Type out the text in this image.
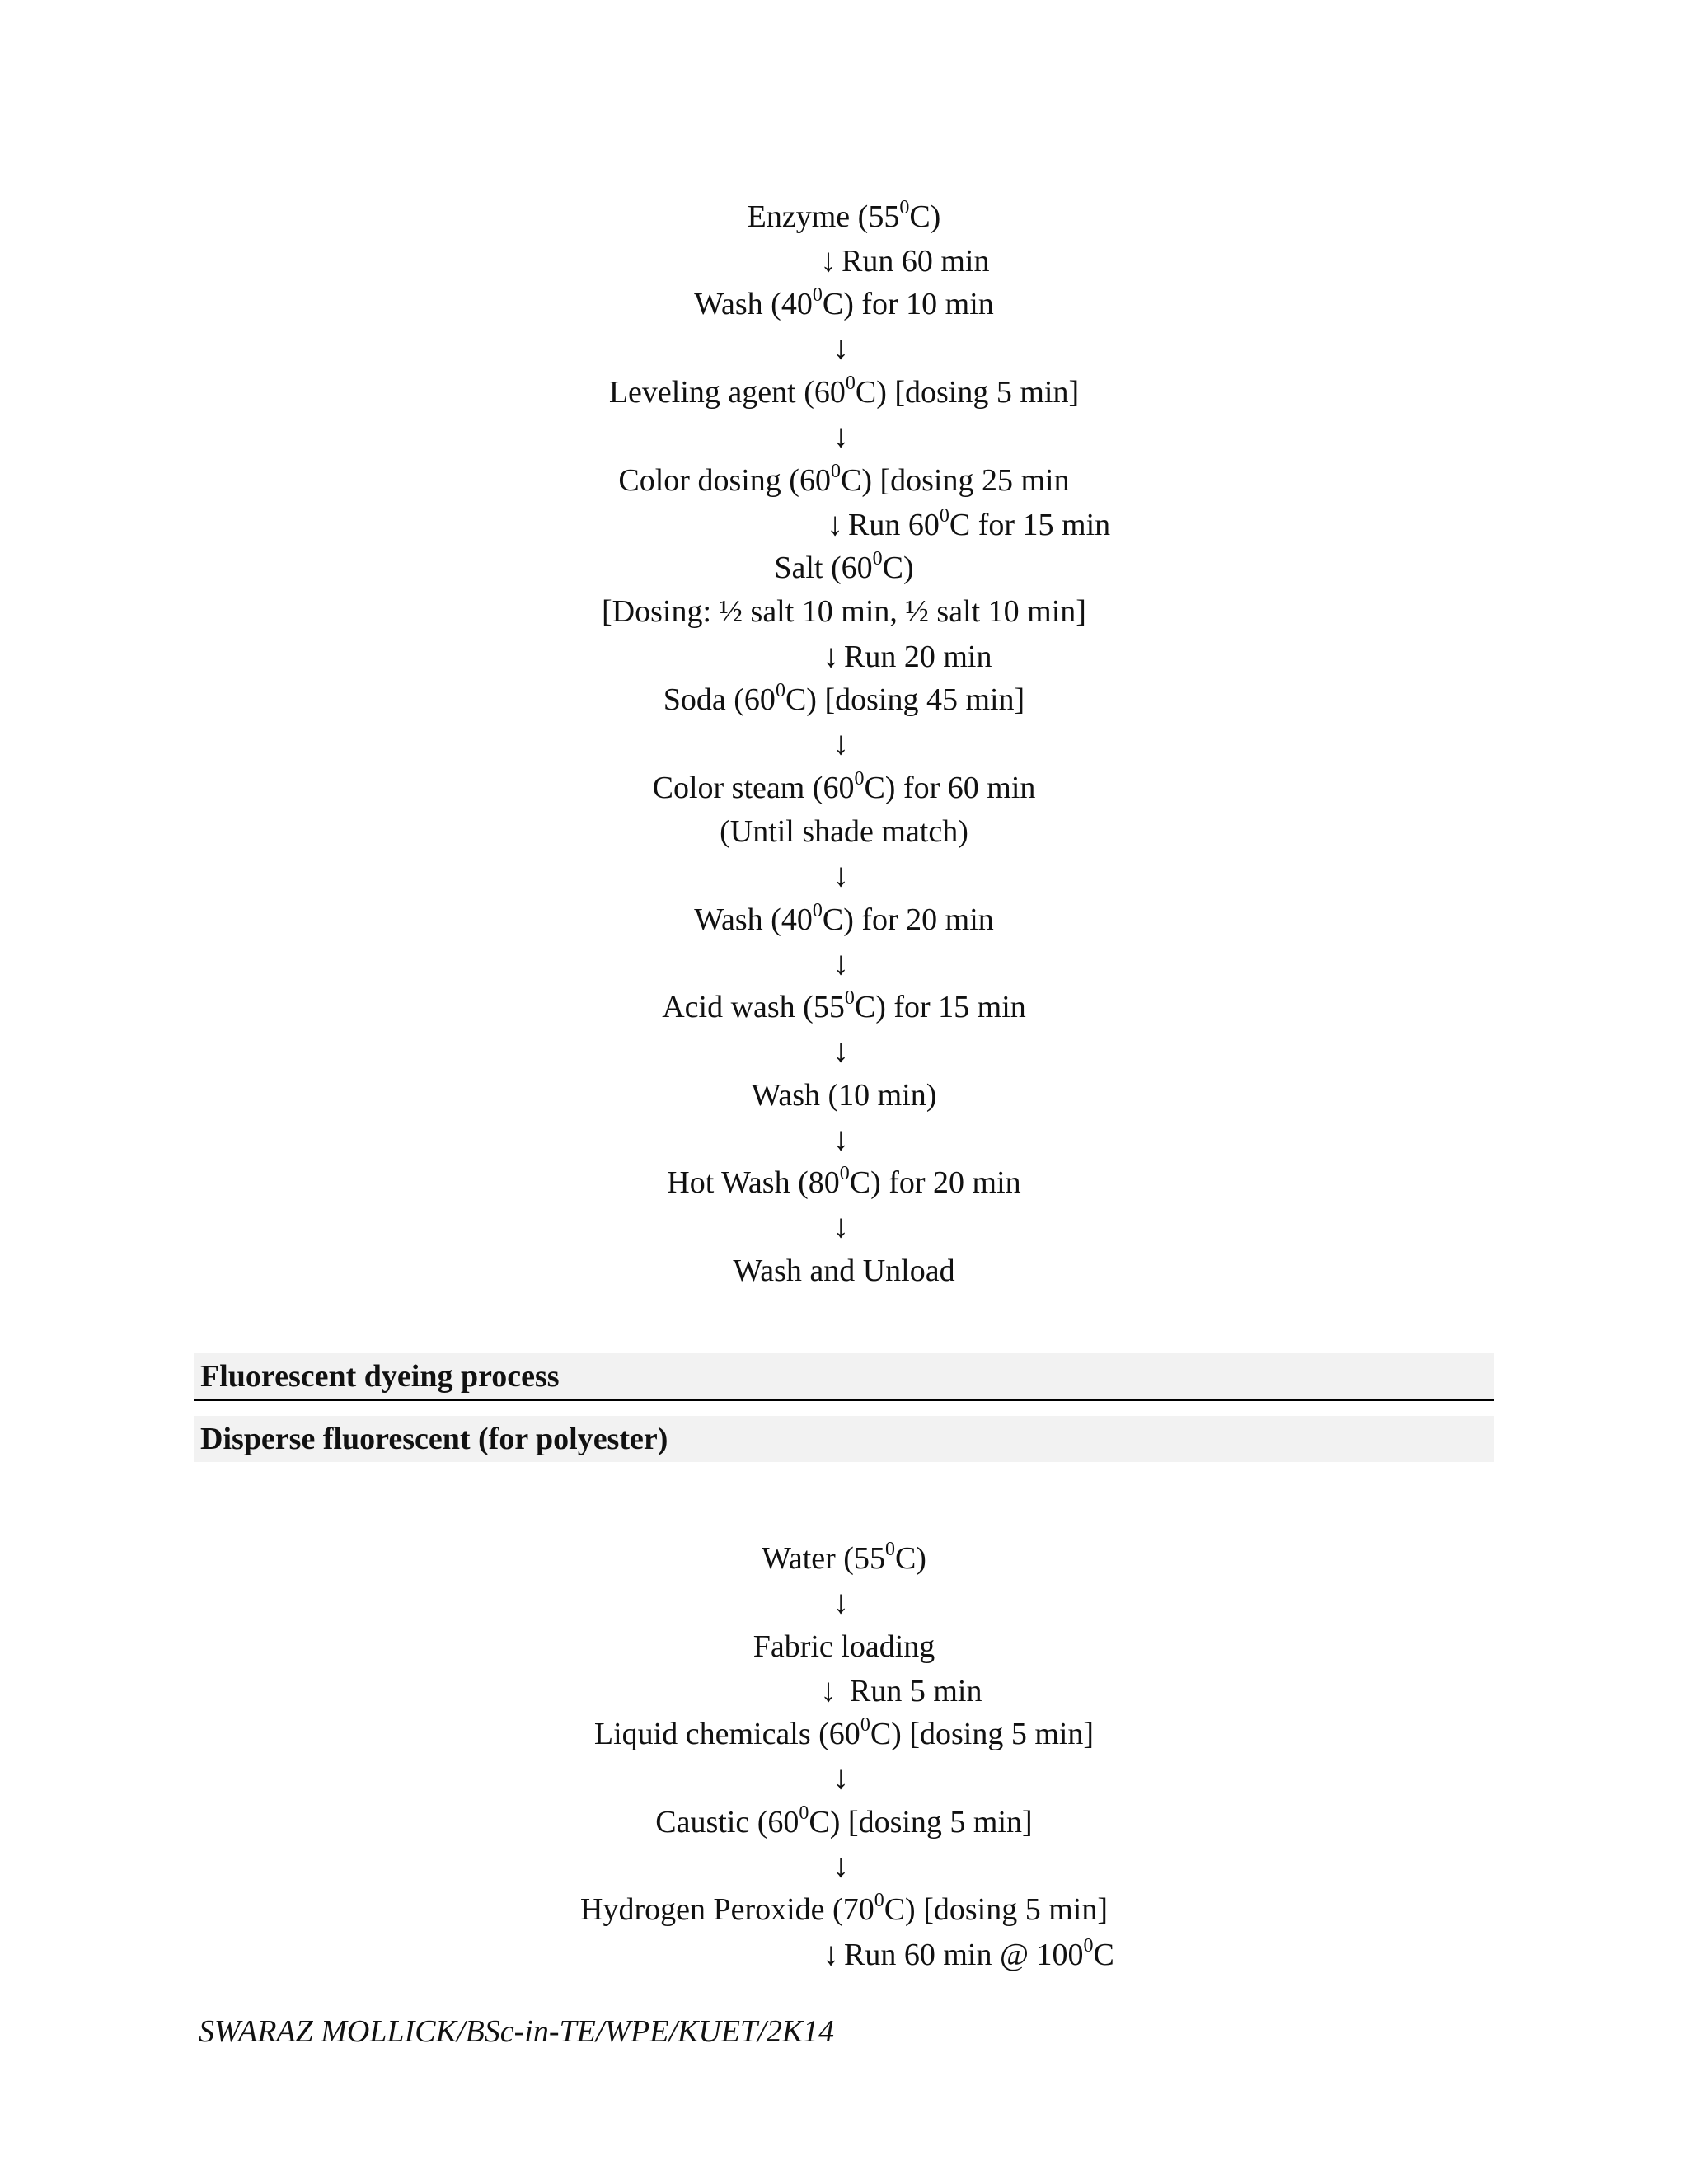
Enzyme $(55^0C)$
↓ Run 60 min
Wash $(40^0C)$ for 10 min
↓
Leveling agent $(60^0C)$ [dosing 5 min]
↓
Color dosing $(60^0C)$ [dosing 25 min
↓ Run $60^0C$ for 15 min
Salt $(60^0C)$
[Dosing: ½ salt 10 min, ½ salt 10 min]
↓ Run 20 min
Soda $(60^0C)$ [dosing 45 min]
↓
Color steam $(60^0C)$ for 60 min
(Until shade match)
↓
Wash $(40^0C)$ for 20 min
↓
Acid wash $(55^0C)$ for 15 min
↓
Wash (10 min)
↓
Hot Wash $(80^0C)$ for 20 min
↓
Wash and Unload
Fluorescent dyeing process
Disperse fluorescent (for polyester)
Water $(55^0C)$
↓
Fabric loading
↓ Run 5 min
Liquid chemicals $(60^0C)$ [dosing 5 min]
↓
Caustic $(60^0C)$ [dosing 5 min]
↓
Hydrogen Peroxide $(70^0C)$ [dosing 5 min]
↓ Run 60 min @ $100^0C$
SWARAZ MOLLICK/BSc-in-TE/WPE/KUET/2K14
